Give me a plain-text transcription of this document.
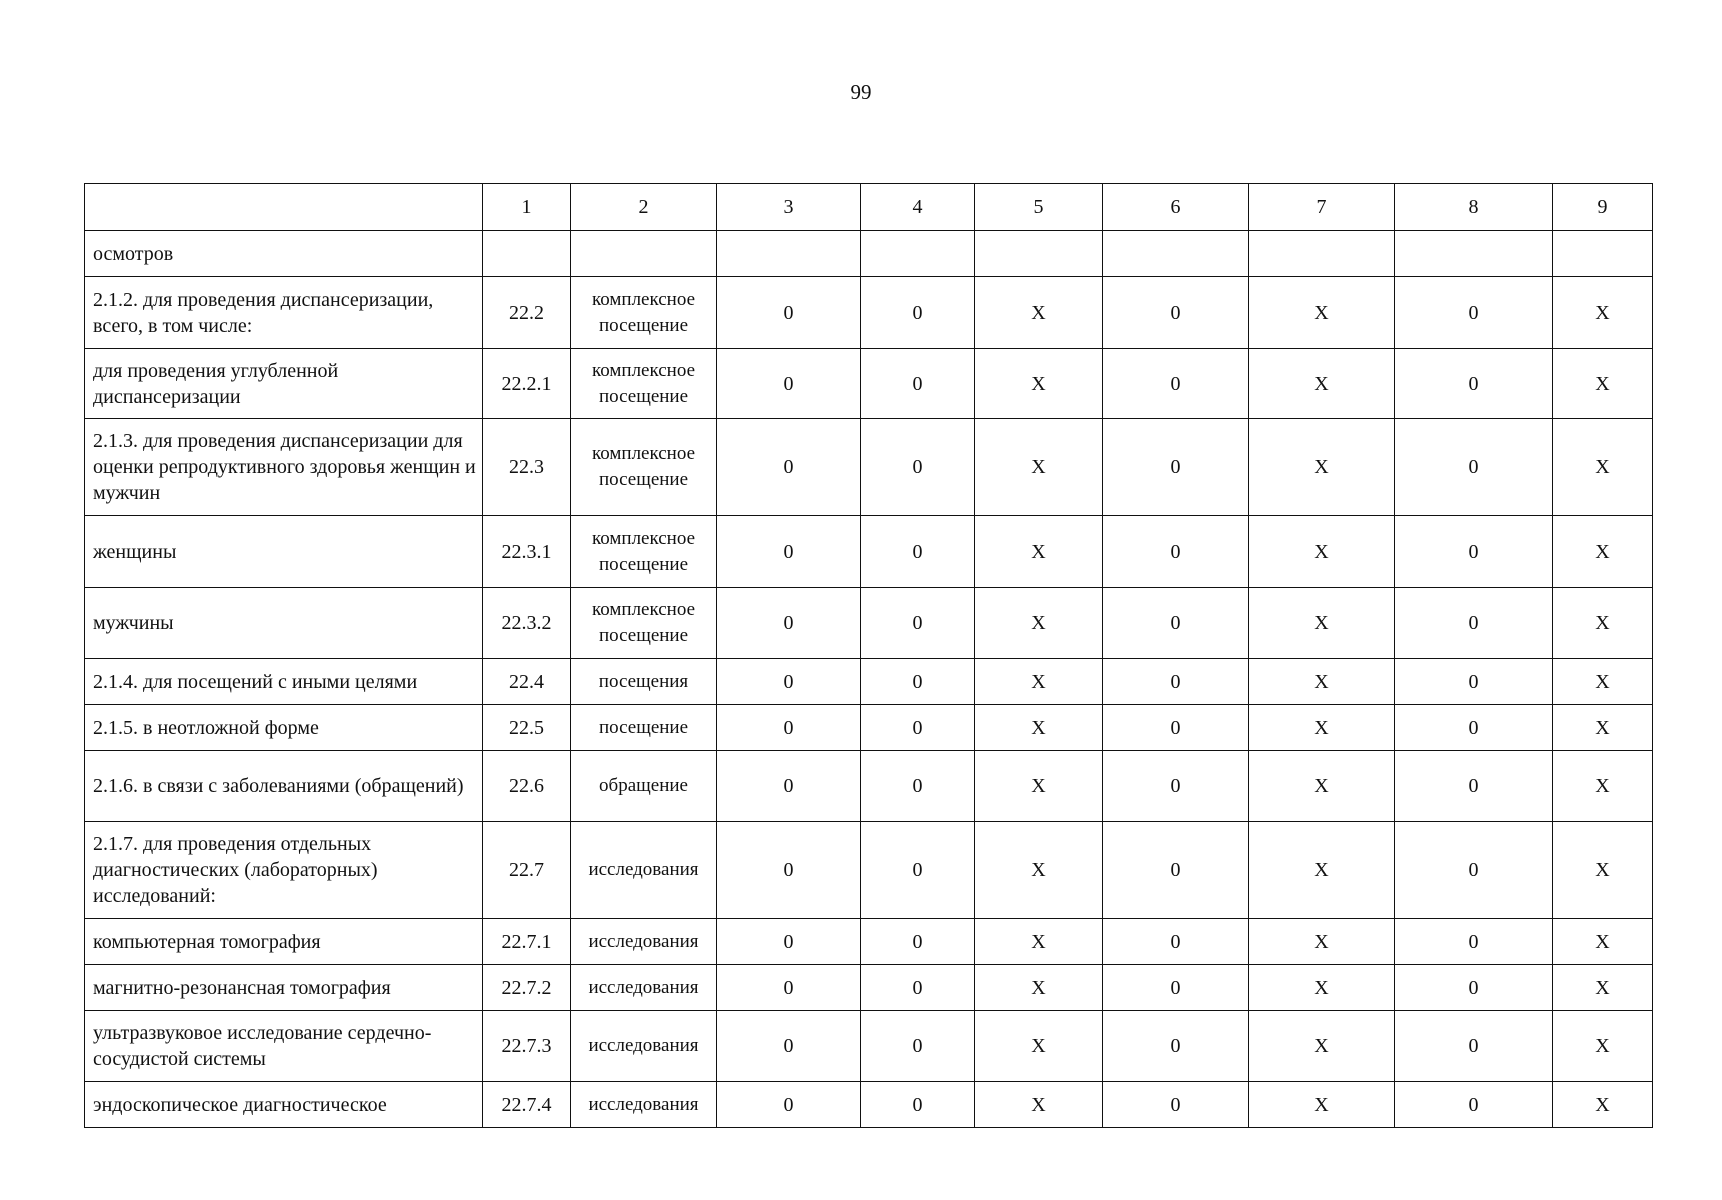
99
	1	2	3	4	5	6	7	8	9
осмотров									
2.1.2. для проведения диспансеризации, всего, в том числе:	22.2	комплексное посещение	0	0	X	0	X	0	X
для проведения углубленной диспансеризации	22.2.1	комплексное посещение	0	0	X	0	X	0	X
2.1.3. для проведения диспансеризации для оценки репродуктивного здоровья женщин и мужчин	22.3	комплексное посещение	0	0	X	0	X	0	X
женщины	22.3.1	комплексное посещение	0	0	X	0	X	0	X
мужчины	22.3.2	комплексное посещение	0	0	X	0	X	0	X
2.1.4. для посещений с иными целями	22.4	посещения	0	0	X	0	X	0	X
2.1.5. в неотложной форме	22.5	посещение	0	0	X	0	X	0	X
2.1.6. в связи с заболеваниями (обращений)	22.6	обращение	0	0	X	0	X	0	X
2.1.7. для проведения отдельных диагностических (лабораторных) исследований:	22.7	исследования	0	0	X	0	X	0	X
компьютерная томография	22.7.1	исследования	0	0	X	0	X	0	X
магнитно-резонансная томография	22.7.2	исследования	0	0	X	0	X	0	X
ультразвуковое исследование сердечно-сосудистой системы	22.7.3	исследования	0	0	X	0	X	0	X
эндоскопическое диагностическое	22.7.4	исследования	0	0	X	0	X	0	X
